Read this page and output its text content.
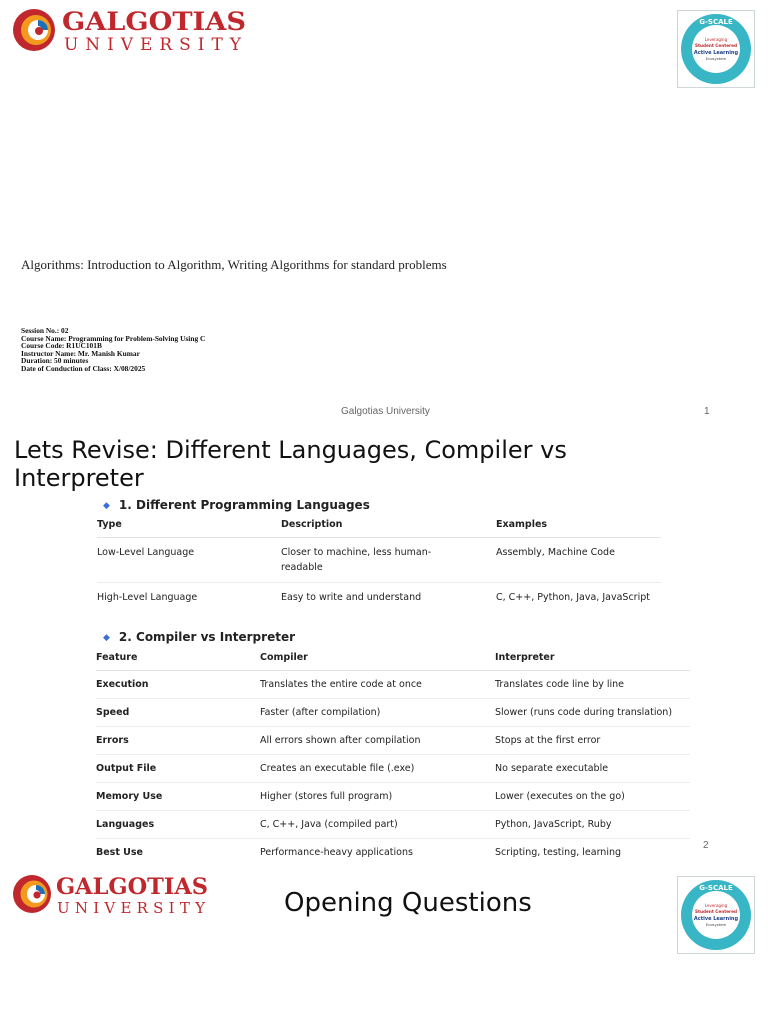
GALGOTIAS
UNIVERSITY
G-SCALE
Leveraging
Student Centered
Active Learning
Ecosystem
Algorithms: Introduction to Algorithm, Writing Algorithms for standard problems
Session No.: 02
Course Name: Programming for Problem-Solving Using C
Course Code: R1UC101B
Instructor Name: Mr. Manish Kumar
Duration: 50 minutes
Date of Conduction of Class: X/08/2025
Galgotias University	1
Lets Revise: Different Languages, Compiler vs Interpreter
◆ 1. Different Programming Languages
Type	Description	Examples
Low-Level Language	Closer to machine, less human-readable	Assembly, Machine Code
High-Level Language	Easy to write and understand	C, C++, Python, Java, JavaScript
◆ 2. Compiler vs Interpreter
Feature	Compiler	Interpreter
Execution	Translates the entire code at once	Translates code line by line
Speed	Faster (after compilation)	Slower (runs code during translation)
Errors	All errors shown after compilation	Stops at the first error
Output File	Creates an executable file (.exe)	No separate executable
Memory Use	Higher (stores full program)	Lower (executes on the go)
Languages	C, C++, Java (compiled part)	Python, JavaScript, Ruby
Best Use	Performance-heavy applications	Scripting, testing, learning
2
GALGOTIAS
UNIVERSITY	Opening Questions	G-SCALE
Leveraging
Student Centered
Active Learning
Ecosystem
